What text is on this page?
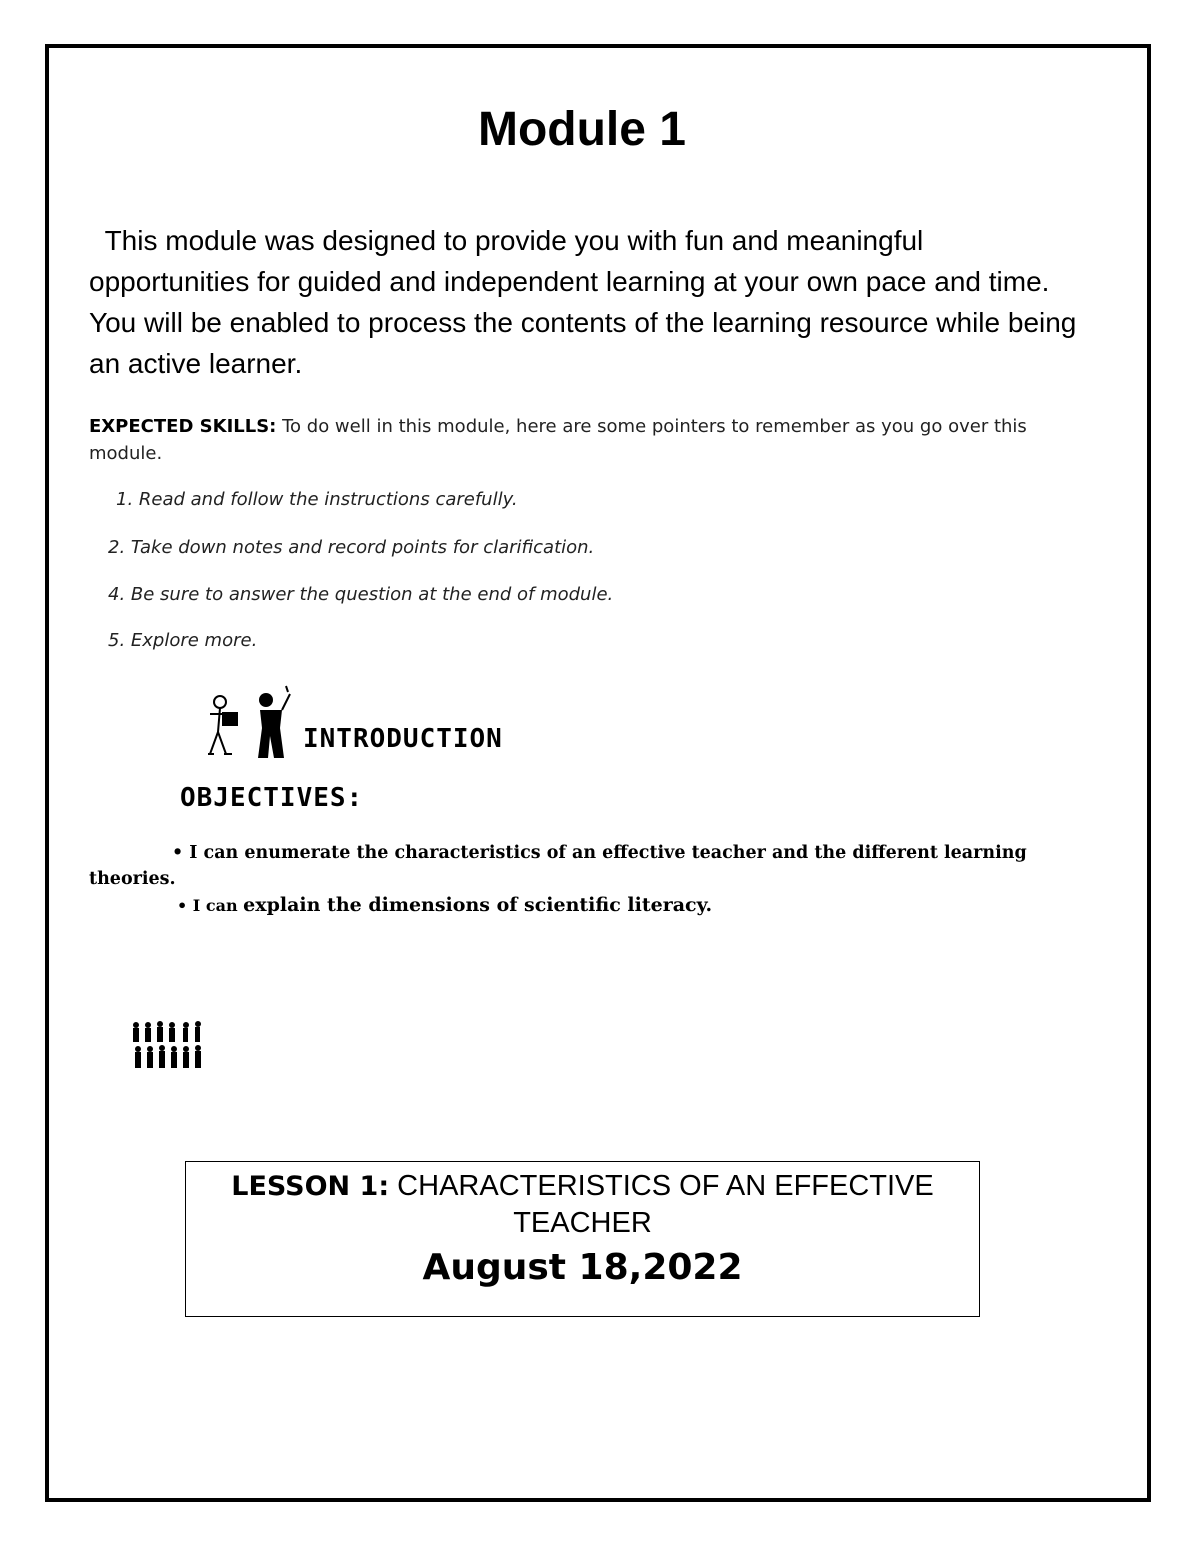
Module 1

This module was designed to provide you with fun and meaningful opportunities for guided and independent learning at your own pace and time. You will be enabled to process the contents of the learning resource while being an active learner.

EXPECTED SKILLS: To do well in this module, here are some pointers to remember as you go over this module.
1. Read and follow the instructions carefully.
2. Take down notes and record points for clarification.
4. Be sure to answer the question at the end of module.
5. Explore more.
INTRODUCTION
OBJECTIVES:
• I can enumerate the characteristics of an effective teacher and the different learning theories.
• I can explain the dimensions of scientific literacy.
LESSON 1: CHARACTERISTICS OF AN EFFECTIVE
TEACHER
August 18,2022
